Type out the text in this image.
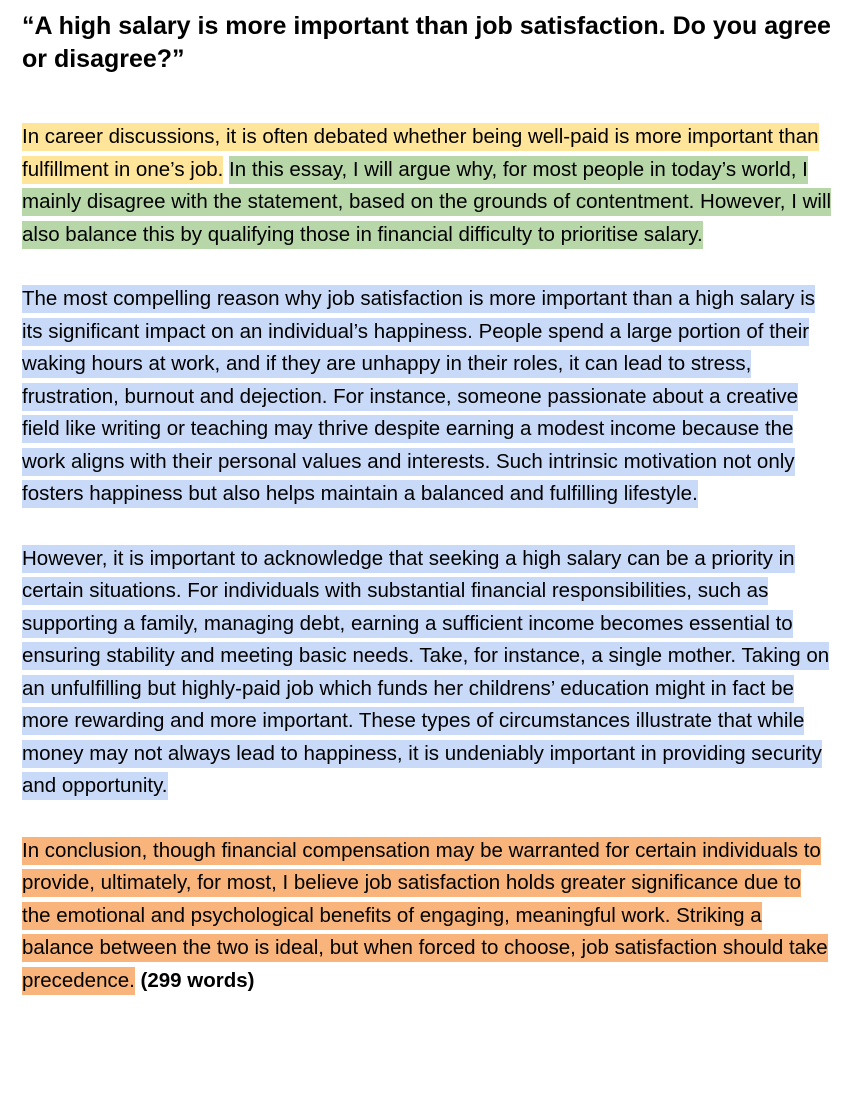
“A high salary is more important than job satisfaction. Do you agree or disagree?”

In career discussions, it is often debated whether being well-paid is more important than fulfillment in one’s job. In this essay, I will argue why, for most people in today’s world, I mainly disagree with the statement, based on the grounds of contentment. However, I will also balance this by qualifying those in financial difficulty to prioritise salary.

The most compelling reason why job satisfaction is more important than a high salary is its significant impact on an individual’s happiness. People spend a large portion of their waking hours at work, and if they are unhappy in their roles, it can lead to stress, frustration, burnout and dejection. For instance, someone passionate about a creative field like writing or teaching may thrive despite earning a modest income because the work aligns with their personal values and interests. Such intrinsic motivation not only fosters happiness but also helps maintain a balanced and fulfilling lifestyle.

However, it is important to acknowledge that seeking a high salary can be a priority in certain situations. For individuals with substantial financial responsibilities, such as supporting a family, managing debt, earning a sufficient income becomes essential to ensuring stability and meeting basic needs. Take, for instance, a single mother. Taking on an unfulfilling but highly-paid job which funds her childrens’ education might in fact be more rewarding and more important. These types of circumstances illustrate that while money may not always lead to happiness, it is undeniably important in providing security and opportunity.

In conclusion, though financial compensation may be warranted for certain individuals to provide, ultimately, for most, I believe job satisfaction holds greater significance due to the emotional and psychological benefits of engaging, meaningful work. Striking a balance between the two is ideal, but when forced to choose, job satisfaction should take precedence. (299 words)
